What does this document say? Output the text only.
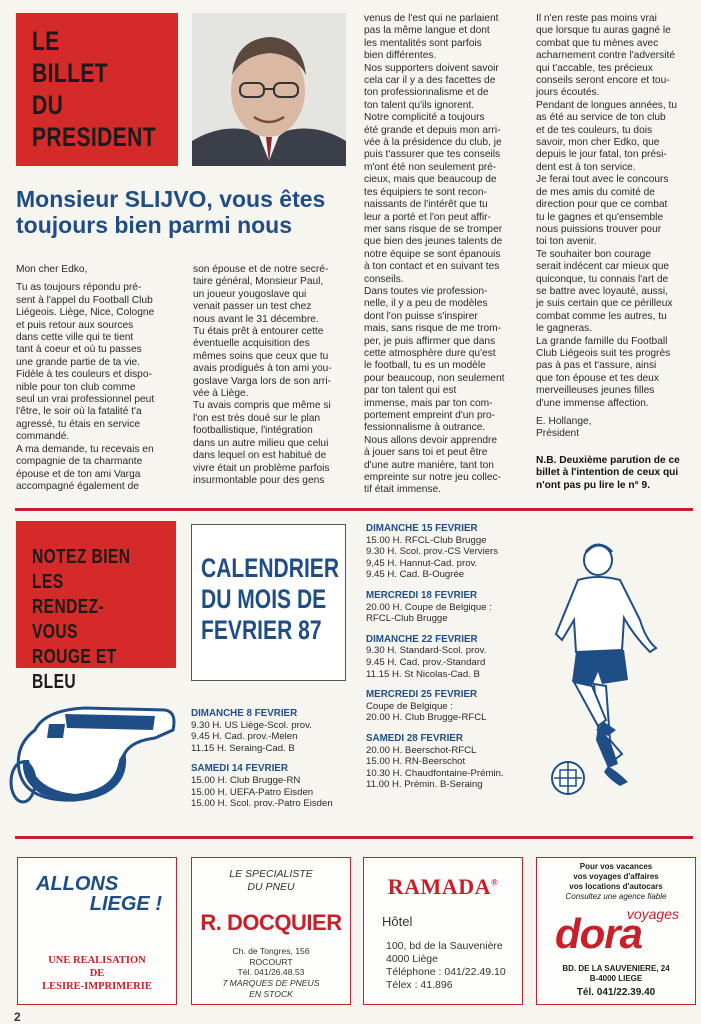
LE
BILLET
DU
PRESIDENT
Monsieur SLIJVO, vous êtes
toujours bien parmi nous
Mon cher Edko,
Tu as toujours répondu pré-
sent à l'appel du Football Club
Liégeois. Liège, Nice, Cologne
et puis retour aux sources
dans cette ville qui te tient
tant à coeur et où tu passes
une grande partie de ta vie.
Fidèle à tes couleurs et dispo-
nible pour ton club comme
seul un vrai professionnel peut
l'être, le soir où la fatalité t'a
agressé, tu étais en service
commandé.
A ma demande, tu recevais en
compagnie de ta charmante
épouse et de ton ami Varga
accompagné également de
son épouse et de notre secré-
taire général, Monsieur Paul,
un joueur yougoslave qui
venait passer un test chez
nous avant le 31 décembre.
Tu étais prêt à entourer cette
éventuelle acquisition des
mêmes soins que ceux que tu
avais prodigués à ton ami you-
goslave Varga lors de son arri-
vée à Liège.
Tu avais compris que même si
l'on est très doué sur le plan
footballistique, l'intégration
dans un autre milieu que celui
dans lequel on est habitué de
vivre était un problème parfois
insurmontable pour des gens
venus de l'est qui ne parlaient
pas la même langue et dont
les mentalités sont parfois
bien différentes.
Nos supporters doivent savoir
cela car il y a des facettes de
ton professionnalisme et de
ton talent qu'ils ignorent.
Notre complicité a toujours
été grande et depuis mon arri-
vée à la présidence du club, je
puis t'assurer que tes conseils
m'ont été non seulement pré-
cieux, mais que beaucoup de
tes équipiers te sont recon-
naissants de l'intérêt que tu
leur a porté et l'on peut affir-
mer sans risque de se tromper
que bien des jeunes talents de
notre équipe se sont épanouis
à ton contact et en suivant tes
conseils.
Dans toutes vie profession-
nelle, il y a peu de modèles
dont l'on puisse s'inspirer
mais, sans risque de me trom-
per, je puis affirmer que dans
cette atmosphère dure qu'est
le football, tu es un modèle
pour beaucoup, non seulement
par ton talent qui est
immense, mais par ton com-
portement empreint d'un pro-
fessionnalisme à outrance.
Nous allons devoir apprendre
à jouer sans toi et peut être
d'une autre manière, tant ton
empreinte sur notre jeu collec-
tif était immense.
Il n'en reste pas moins vrai
que lorsque tu auras gagné le
combat que tu mènes avec
acharnement contre l'adversité
qui t'accable, tes précieux
conseils seront encore et tou-
jours écoutés.
Pendant de longues années, tu
as été au service de ton club
et de tes couleurs, tu dois
savoir, mon cher Edko, que
depuis le jour fatal, ton prési-
dent est à ton service.
Je ferai tout avec le concours
de mes amis du comité de
direction pour que ce combat
tu le gagnes et qu'ensemble
nous puissions trouver pour
toi ton avenir.
Te souhaiter bon courage
serait indécent car mieux que
quiconque, tu connais l'art de
se battre avec loyauté, aussi,
je suis certain que ce périlleux
combat comme les autres, tu
le gagneras.
La grande famille du Football
Club Liégeois suit tes progrès
pas à pas et t'assure, ainsi
que ton épouse et tes deux
merveilleuses jeunes filles
d'une immense affection.
E. Hollange,
Président
N.B. Deuxième parution de ce
billet à l'intention de ceux qui
n'ont pas pu lire le n° 9.
NOTEZ BIEN
LES
RENDEZ-VOUS
ROUGE ET BLEU
CALENDRIER
DU MOIS DE
FEVRIER 87
DIMANCHE 8 FEVRIER
9.30 H. US Liège-Scol. prov.
9.45 H. Cad. prov.-Melen
11.15 H. Seraing-Cad. B
SAMEDI 14 FEVRIER
15.00 H. Club Brugge-RN
15.00 H. UEFA-Patro Eisden
15.00 H. Scol. prov.-Patro Eisden
DIMANCHE 15 FEVRIER
15.00 H. RFCL-Club Brugge
9.30 H. Scol. prov.-CS Verviers
9,45 H. Hannut-Cad. prov.
9.45 H. Cad. B-Ougrée
MERCREDI 18 FEVRIER
20.00 H. Coupe de Belgique :
RFCL-Club Brugge
DIMANCHE 22 FEVRIER
9.30 H. Standard-Scol. prov.
9.45 H. Cad. prov.-Standard
11.15 H. St Nicolas-Cad. B
MERCREDI 25 FEVRIER
Coupe de Belgique :
20.00 H. Club Brugge-RFCL
SAMEDI 28 FEVRIER
20.00 H. Beerschot-RFCL
15.00 H. RN-Beerschot
10.30 H. Chaudfontaine-Prémin.
11.00 H. Prémin. B-Seraing
ALLONS
LIEGE !
UNE REALISATION
DE
LESIRE-IMPRIMERIE
LE SPECIALISTE
DU PNEU
R. DOCQUIER
Ch. de Tongres, 156
ROCOURT
Tél. 041/26.48.53
7 MARQUES DE PNEUS
EN STOCK
RAMADA®
Hôtel
100, bd de la Sauvenière
4000 Liège
Téléphone : 041/22.49.10
Télex : 41.896
Pour vos vacances
vos voyages d'affaires
vos locations d'autocars
Consultez une agence fiable
voyages
dora
BD. DE LA SAUVENIERE, 24
B-4000 LIEGE
Tél. 041/22.39.40
2
